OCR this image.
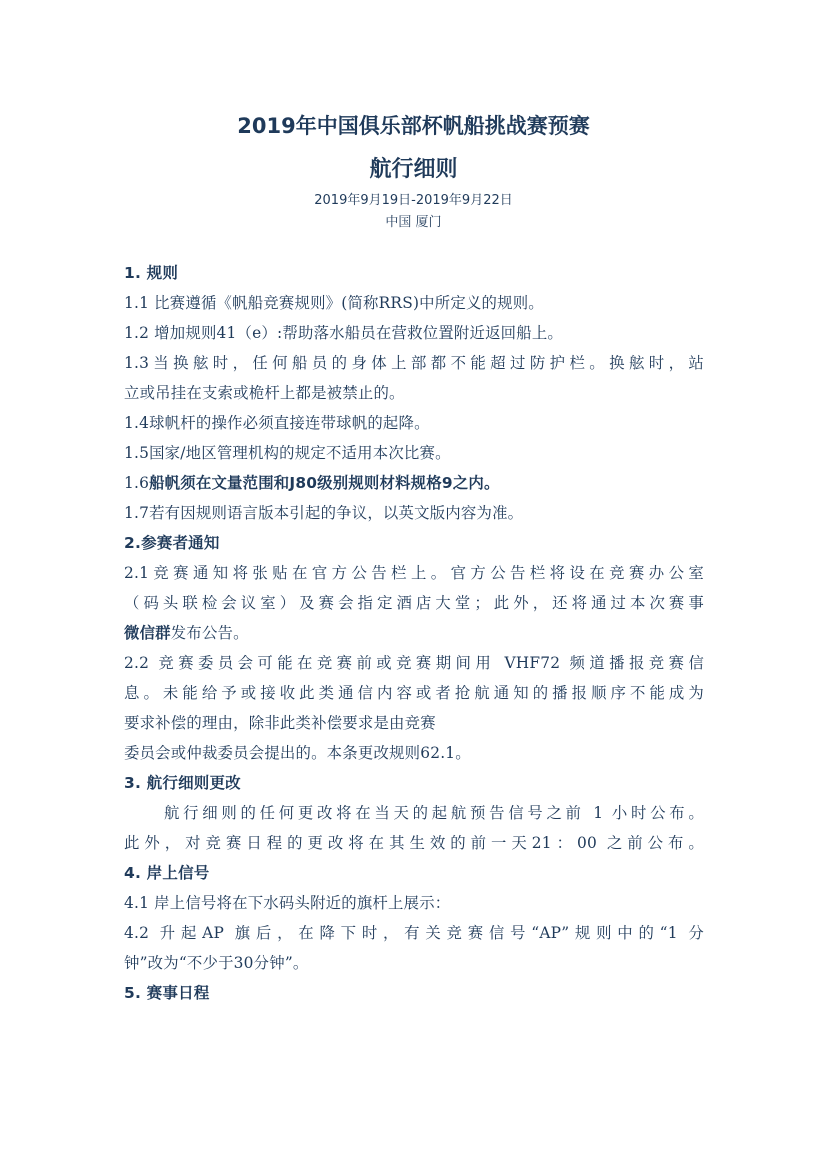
2019年中国俱乐部杯帆船挑战赛预赛
航行细则
2019年9月19日-2019年9月22日
中国 厦门
1. 规则
1.1 比赛遵循《帆船竞赛规则》(简称RRS)中所定义的规则。
1.2 增加规则41（e）:帮助落水船员在营救位置附近返回船上。
1.3当换舷时，任何船员的身体上部都不能超过防护栏。换舷时，站
立或吊挂在支索或桅杆上都是被禁止的。
1.4球帆杆的操作必须直接连带球帆的起降。
1.5国家/地区管理机构的规定不适用本次比赛。
1.6船帆须在文量范围和J80级别规则材料规格9之内。
1.7若有因规则语言版本引起的争议，以英文版内容为准。
2.参赛者通知
2.1竞赛通知将张贴在官方公告栏上。官方公告栏将设在竞赛办公室
（码头联检会议室）及赛会指定酒店大堂；此外，还将通过本次赛事
微信群发布公告。
2.2 竞赛委员会可能在竞赛前或竞赛期间用 VHF72 频道播报竞赛信
息。未能给予或接收此类通信内容或者抢航通知的播报顺序不能成为
要求补偿的理由，除非此类补偿要求是由竞赛
委员会或仲裁委员会提出的。本条更改规则62.1。
3. 航行细则更改
航行细则的任何更改将在当天的起航预告信号之前 1 小时公布。
此外，对竞赛日程的更改将在其生效的前一天21：00 之前公布。
4. 岸上信号
4.1 岸上信号将在下水码头附近的旗杆上展示：
4.2 升起AP 旗后，在降下时，有关竞赛信号“AP”规则中的“1 分
钟”改为“不少于30分钟”。
5. 赛事日程
